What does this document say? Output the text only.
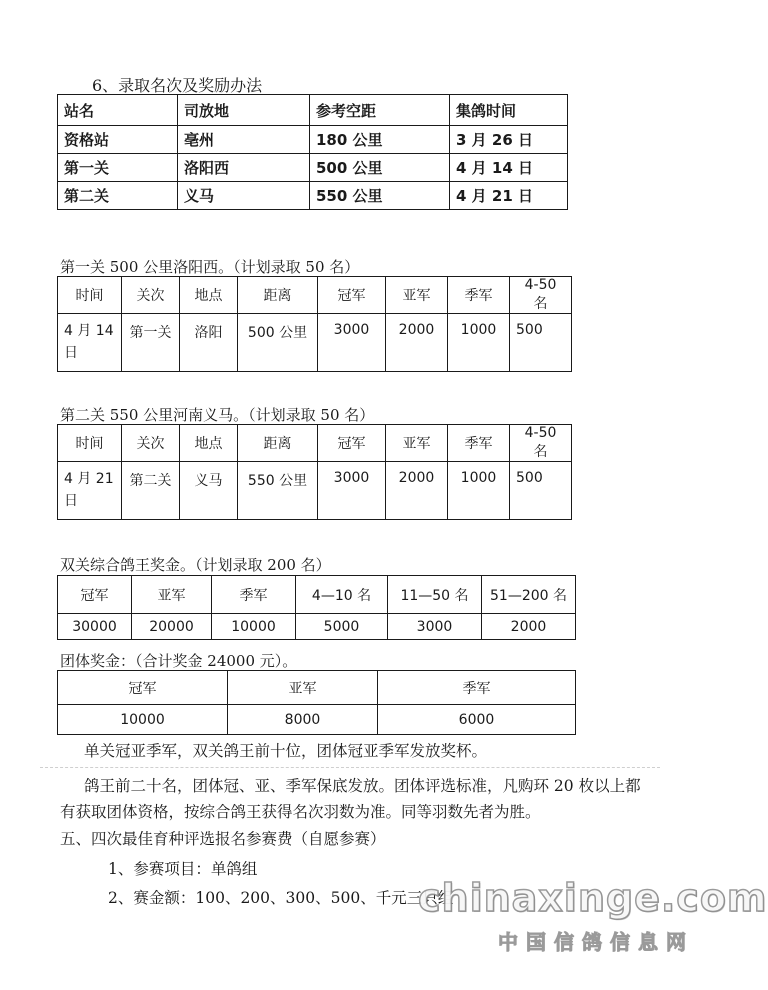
6、录取名次及奖励办法
站名	司放地	参考空距	集鸽时间
资格站	亳州	180 公里	3 月 26 日
第一关	洛阳西	500 公里	4 月 14 日
第二关	义马	550 公里	4 月 21 日
第一关 500 公里洛阳西。（计划录取 50 名）
时间	关次	地点	距离	冠军	亚军	季军	4-50 名
4 月 14 日	第一关	洛阳	500 公里	3000	2000	1000	500
第二关 550 公里河南义马。（计划录取 50 名）
时间	关次	地点	距离	冠军	亚军	季军	4-50 名
4 月 21 日	第二关	义马	550 公里	3000	2000	1000	500
双关综合鸽王奖金。（计划录取 200 名）
冠军	亚军	季军	4—10 名	11—50 名	51—200 名
30000	20000	10000	5000	3000	2000
团体奖金：（合计奖金 24000 元）。
冠军	亚军	季军
10000	8000	6000
单关冠亚季军，双关鸽王前十位，团体冠亚季军发放奖杯。
鸽王前二十名，团体冠、亚、季军保底发放。团体评选标准，凡购环 20 枚以上都
有获取团体资格，按综合鸽王获得名次羽数为准。同等羽数先者为胜。
五、四次最佳育种评选报名参赛费（自愿参赛）
1、参赛项目：单鸽组
2、赛金额：100、200、300、500、千元三只组
chinaxinge.com
中国信鸽信息网
